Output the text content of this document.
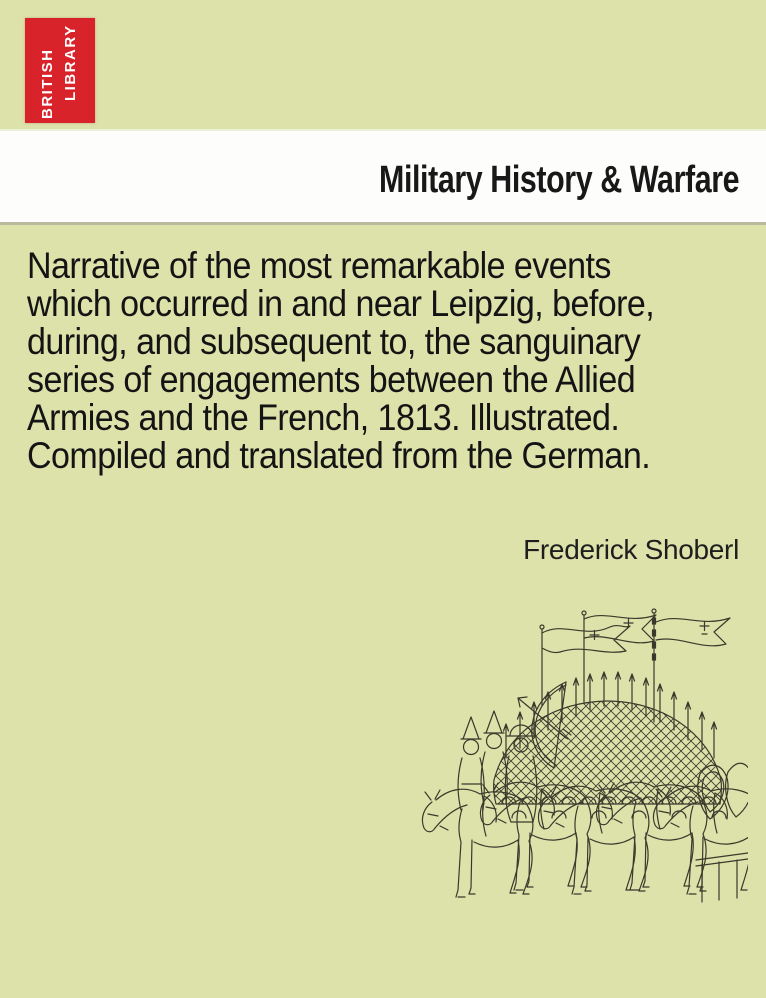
BRITISH LIBRARY
Military History & Warfare
Narrative of the most remarkable events
which occurred in and near Leipzig, before,
during, and subsequent to, the sanguinary
series of engagements between the Allied
Armies and the French, 1813. Illustrated.
Compiled and translated from the German.
Frederick Shoberl
